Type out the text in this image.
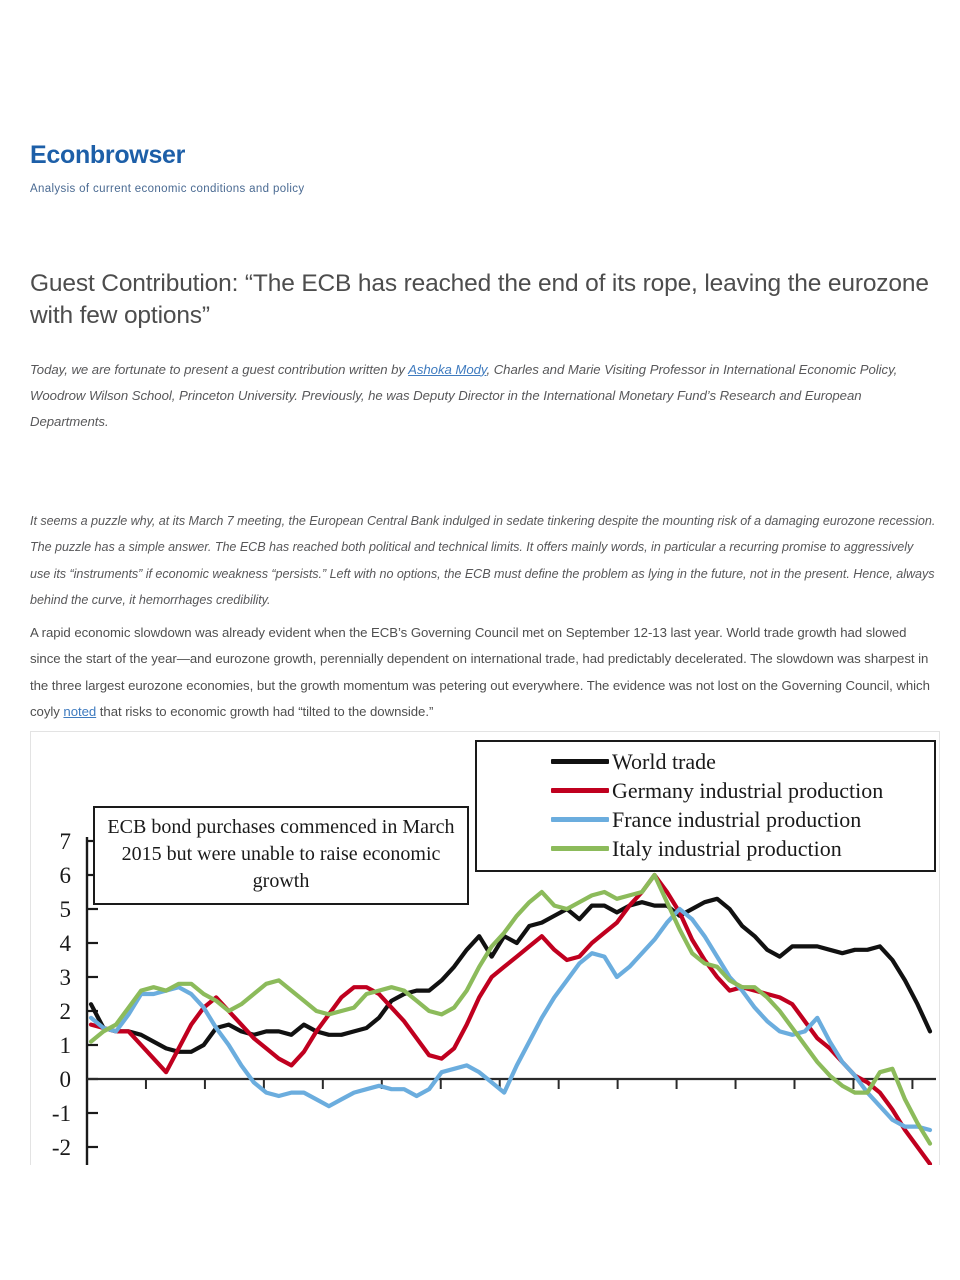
Econbrowser

Analysis of current economic conditions and policy

Guest Contribution: “The ECB has reached the end of its rope, leaving the eurozone with few options”

Today, we are fortunate to present a guest contribution written by Ashoka Mody, Charles and Marie Visiting Professor in International Economic Policy, Woodrow Wilson School, Princeton University. Previously, he was Deputy Director in the International Monetary Fund’s Research and European Departments.

It seems a puzzle why, at its March 7 meeting, the European Central Bank indulged in sedate tinkering despite the mounting risk of a damaging eurozone recession. The puzzle has a simple answer. The ECB has reached both political and technical limits. It offers mainly words, in particular a recurring promise to aggressively use its “instruments” if economic weakness “persists.” Left with no options, the ECB must define the problem as lying in the future, not in the present. Hence, always behind the curve, it hemorrhages credibility.

A rapid economic slowdown was already evident when the ECB’s Governing Council met on September 12-13 last year. World trade growth had slowed since the start of the year—and eurozone growth, perennially dependent on international trade, had predictably decelerated. The slowdown was sharpest in the three largest eurozone economies, but the growth momentum was petering out everywhere. The evidence was not lost on the Governing Council, which coyly noted that risks to economic growth had “tilted to the downside.”

7
6
5
4
3
2
1
0
-1
-2
ECB bond purchases commenced in March 2015 but were unable to raise economic growth
World trade
Germany industrial production
France industrial production
Italy industrial production
